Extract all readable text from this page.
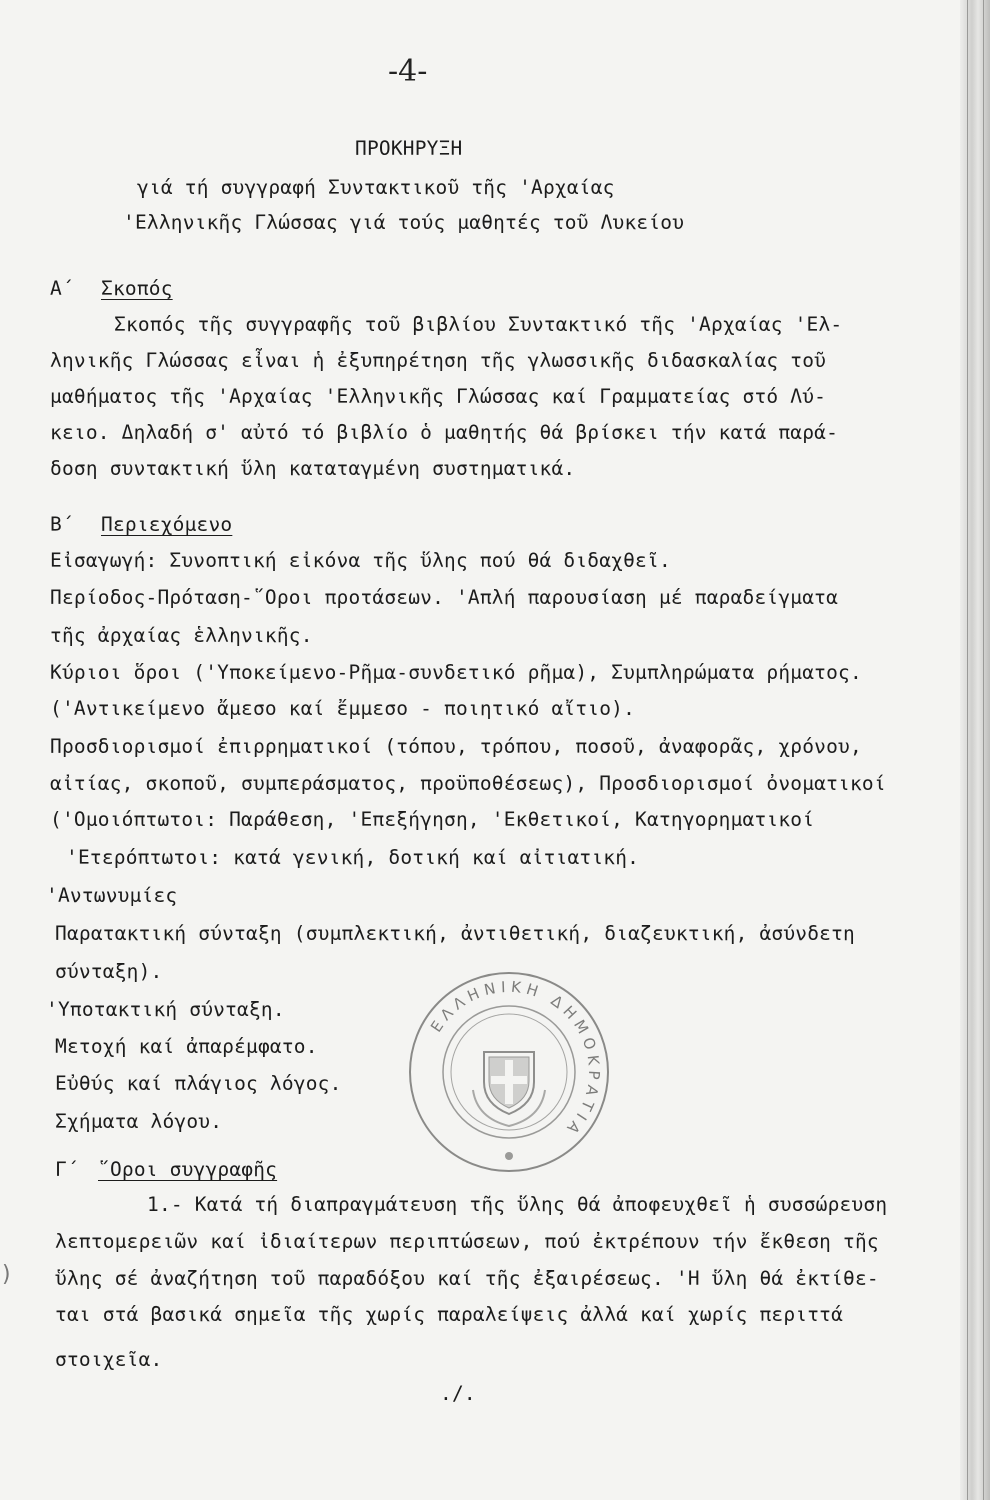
)
-4-
ΠΡΟΚΗΡΥΞΗ
γιά τή συγγραφή Συντακτικοῦ τῆς 'Αρχαίας
'Ελληνικῆς Γλώσσας γιά τούς μαθητές τοῦ Λυκείου
Α΄ Σκοπός
Σκοπός τῆς συγγραφῆς τοῦ βιβλίου Συντακτικό τῆς 'Αρχαίας 'Ελ-
ληνικῆς Γλώσσας εἶναι ἡ ἐξυπηρέτηση τῆς γλωσσικῆς διδασκαλίας τοῦ
μαθήματος τῆς 'Αρχαίας 'Ελληνικῆς Γλώσσας καί Γραμματείας στό Λύ-
κειο. Δηλαδή σ' αὐτό τό βιβλίο ὁ μαθητής θά βρίσκει τήν κατά παρά-
δοση συντακτική ὕλη καταταγμένη συστηματικά.
Β΄ Περιεχόμενο
Εἰσαγωγή: Συνοπτική εἰκόνα τῆς ὕλης πού θά διδαχθεῖ.
Περίοδος-Πρόταση-῞Οροι προτάσεων. 'Απλή παρουσίαση μέ παραδείγματα
τῆς ἀρχαίας ἑλληνικῆς.
Κύριοι ὅροι ('Υποκείμενο-Ρῆμα-συνδετικό ρῆμα), Συμπληρώματα ρήματος.
('Αντικείμενο ἄμεσο καί ἔμμεσο - ποιητικό αἴτιο).
Προσδιορισμοί ἐπιρρηματικοί (τόπου, τρόπου, ποσοῦ, ἀναφορᾶς, χρόνου,
αἰτίας, σκοποῦ, συμπεράσματος, προϋποθέσεως), Προσδιορισμοί ὀνοματικοί
('Ομοιόπτωτοι: Παράθεση, 'Επεξήγηση, 'Εκθετικοί, Κατηγορηματικοί
'Ετερόπτωτοι: κατά γενική, δοτική καί αἰτιατική.
'Αντωνυμίες
Παρατακτική σύνταξη (συμπλεκτική, ἀντιθετική, διαζευκτική, ἀσύνδετη
σύνταξη).
'Υποτακτική σύνταξη.
Μετοχή καί ἀπαρέμφατο.
Εὐθύς καί πλάγιος λόγος.
Σχήματα λόγου.
Γ΄ ῞Οροι συγγραφῆς
1.- Κατά τή διαπραγμάτευση τῆς ὕλης θά ἀποφευχθεῖ ἡ συσσώρευση
λεπτομερειῶν καί ἰδιαίτερων περιπτώσεων, πού ἐκτρέπουν τήν ἔκθεση τῆς
ὕλης σέ ἀναζήτηση τοῦ παραδόξου καί τῆς ἐξαιρέσεως. 'Η ὕλη θά ἐκτίθε-
ται στά βασικά σημεῖα τῆς χωρίς παραλείψεις ἀλλά καί χωρίς περιττά
στοιχεῖα.
./.
ΕΛΛΗΝΙΚΗ ΔΗΜΟΚΡΑΤΙΑ
